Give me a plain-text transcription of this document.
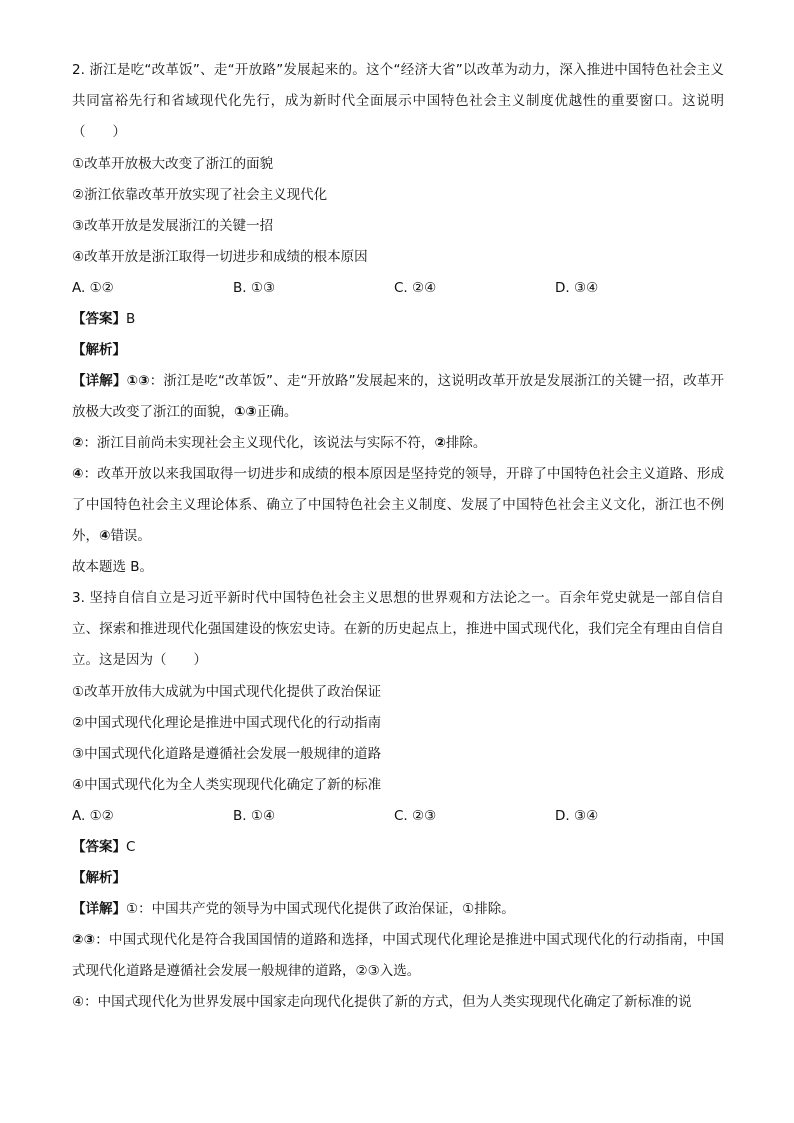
2. 浙江是吃“改革饭”、走“开放路”发展起来的。这个“经济大省”以改革为动力，深入推进中国特色社会主义共同富裕先行和省域现代化先行，成为新时代全面展示中国特色社会主义制度优越性的重要窗口。这说明（　　）
①改革开放极大改变了浙江的面貌
②浙江依靠改革开放实现了社会主义现代化
③改革开放是发展浙江的关键一招
④改革开放是浙江取得一切进步和成绩的根本原因
A. ①②	B. ①③	C. ②④	D. ③④
【答案】B
【解析】
【详解】①③：浙江是吃“改革饭”、走“开放路”发展起来的，这说明改革开放是发展浙江的关键一招，改革开放极大改变了浙江的面貌，①③正确。
②：浙江目前尚未实现社会主义现代化，该说法与实际不符，②排除。
④：改革开放以来我国取得一切进步和成绩的根本原因是坚持党的领导，开辟了中国特色社会主义道路、形成了中国特色社会主义理论体系、确立了中国特色社会主义制度、发展了中国特色社会主义文化，浙江也不例外，④错误。
故本题选 B。
3. 坚持自信自立是习近平新时代中国特色社会主义思想的世界观和方法论之一。百余年党史就是一部自信自立、探索和推进现代化强国建设的恢宏史诗。在新的历史起点上，推进中国式现代化，我们完全有理由自信自立。这是因为（　　）
①改革开放伟大成就为中国式现代化提供了政治保证
②中国式现代化理论是推进中国式现代化的行动指南
③中国式现代化道路是遵循社会发展一般规律的道路
④中国式现代化为全人类实现现代化确定了新的标准
A. ①②	B. ①④	C. ②③	D. ③④
【答案】C
【解析】
【详解】①：中国共产党的领导为中国式现代化提供了政治保证，①排除。
②③：中国式现代化是符合我国国情的道路和选择，中国式现代化理论是推进中国式现代化的行动指南，中国式现代化道路是遵循社会发展一般规律的道路，②③入选。
④：中国式现代化为世界发展中国家走向现代化提供了新的方式，但为人类实现现代化确定了新标准的说
